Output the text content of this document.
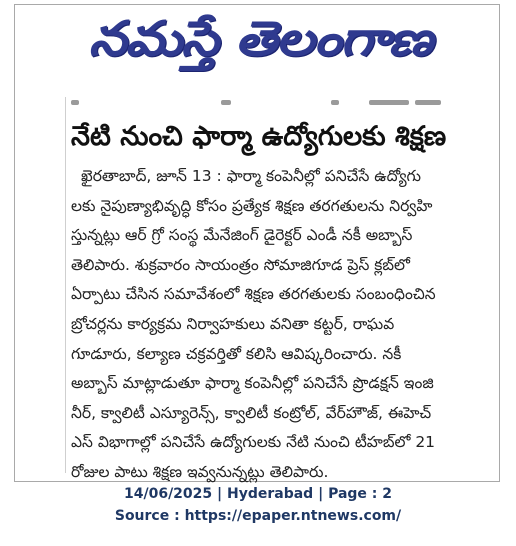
నమస్తే తెలంగాణ
నేటి నుంచి ఫార్మా ఉద్యోగులకు శిక్షణ
ఖైరతాబాద్, జూన్ 13 : ఫార్మా కంపెనీల్లో పనిచేసే ఉద్యోగు
లకు నైపుణ్యాభివృద్ధి కోసం ప్రత్యేక శిక్షణ తరగతులను నిర్వహి
స్తున్నట్లు ఆర్ గ్రో సంస్థ మేనేజింగ్ డైరెక్టర్ ఎండీ నకీ అబ్బాస్
తెలిపారు. శుక్రవారం సాయంత్రం సోమాజిగూడ ప్రెస్ క్లబ్‌లో
ఏర్పాటు చేసిన సమావేశంలో శిక్షణ తరగతులకు సంబంధించిన
బ్రోచర్లను కార్యక్రమ నిర్వాహకులు వనితా కట్టర్, రాఘవ
గూడూరు, కల్యాణ చక్రవర్తితో కలిసి ఆవిష్కరించారు. నకీ
అబ్బాస్ మాట్లాడుతూ ఫార్మా కంపెనీల్లో పనిచేసే ప్రొడక్షన్ ఇంజి
నీర్, క్వాలిటీ ఎస్యూరెన్స్, క్వాలిటీ కంట్రోల్, వేర్‌హౌజ్, ఈహెచ్
ఎస్ విభాగాల్లో పనిచేసే ఉద్యోగులకు నేటి నుంచి టీహబ్‌లో 21
రోజుల పాటు శిక్షణ ఇవ్వనున్నట్లు తెలిపారు.
14/06/2025 | Hyderabad | Page : 2
Source : https://epaper.ntnews.com/
